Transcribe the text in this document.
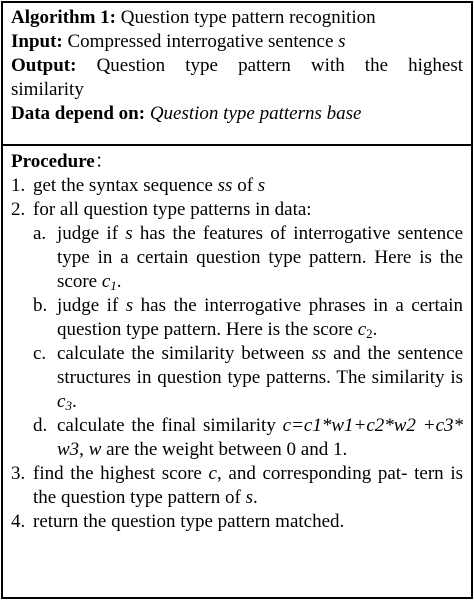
Algorithm 1: Question type pattern recognition
Input: Compressed interrogative sentence s
Output: Question type pattern with the highest
similarity
Data depend on: Question type patterns base
Procedure：
1. get the syntax sequence ss of s
2. for all question type patterns in data:
a. judge if s has the features of interrogative sentence type in a certain question type pattern. Here is the score $c_1$.
b. judge if s has the interrogative phrases in a certain question type pattern. Here is the score $c_2$.
c. calculate the similarity between ss and the sentence structures in question type patterns. The similarity is $c_3$.
d. calculate the final similarity c=c1*w1+c2*w2 +c3* w3, w are the weight between 0 and 1.
3. find the highest score c, and corresponding pat- tern is the question type pattern of s.
4. return the question type pattern matched.
